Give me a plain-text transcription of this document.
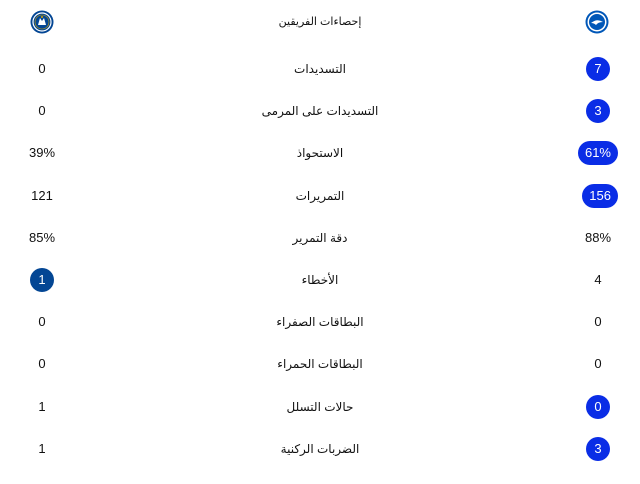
إحصاءات الفريقين
0	التسديدات	7
0	التسديدات على المرمى	3
39%	الاستحواذ	61%
121	التمريرات	156
85%	دقة التمرير	88%
1	الأخطاء	4
0	البطاقات الصفراء	0
0	البطاقات الحمراء	0
1	حالات التسلل	0
1	الضربات الركنية	3
